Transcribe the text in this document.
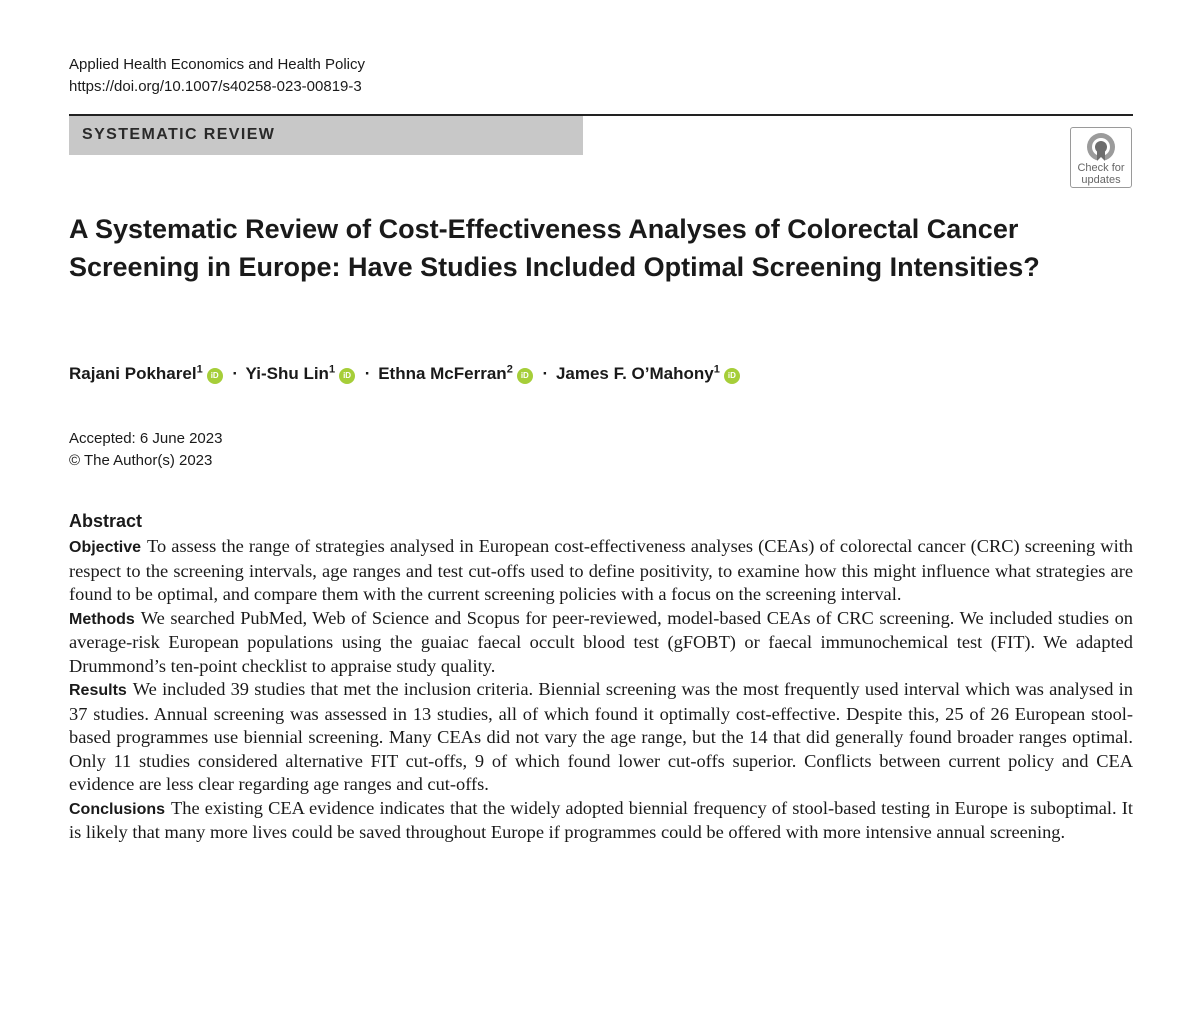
Applied Health Economics and Health Policy
https://doi.org/10.1007/s40258-023-00819-3
SYSTEMATIC REVIEW
Check for
updates
A Systematic Review of Cost-Effectiveness Analyses of Colorectal Cancer Screening in Europe: Have Studies Included Optimal Screening Intensities?
Rajani Pokharel$^1$iD · Yi-Shu Lin$^1$iD · Ethna McFerran$^2$iD · James F. O’Mahony$^1$iD
Accepted: 6 June 2023
© The Author(s) 2023
Abstract

Objective To assess the range of strategies analysed in European cost-effectiveness analyses (CEAs) of colorectal cancer (CRC) screening with respect to the screening intervals, age ranges and test cut-offs used to define positivity, to examine how this might influence what strategies are found to be optimal, and compare them with the current screening policies with a focus on the screening interval.

Methods We searched PubMed, Web of Science and Scopus for peer-reviewed, model-based CEAs of CRC screening. We included studies on average-risk European populations using the guaiac faecal occult blood test (gFOBT) or faecal immunochemical test (FIT). We adapted Drummond’s ten-point checklist to appraise study quality.

Results We included 39 studies that met the inclusion criteria. Biennial screening was the most frequently used interval which was analysed in 37 studies. Annual screening was assessed in 13 studies, all of which found it optimally cost-effective. Despite this, 25 of 26 European stool-based programmes use biennial screening. Many CEAs did not vary the age range, but the 14 that did generally found broader ranges optimal. Only 11 studies considered alternative FIT cut-offs, 9 of which found lower cut-offs superior. Conflicts between current policy and CEA evidence are less clear regarding age ranges and cut-offs.

Conclusions The existing CEA evidence indicates that the widely adopted biennial frequency of stool-based testing in Europe is suboptimal. It is likely that many more lives could be saved throughout Europe if programmes could be offered with more intensive annual screening.
